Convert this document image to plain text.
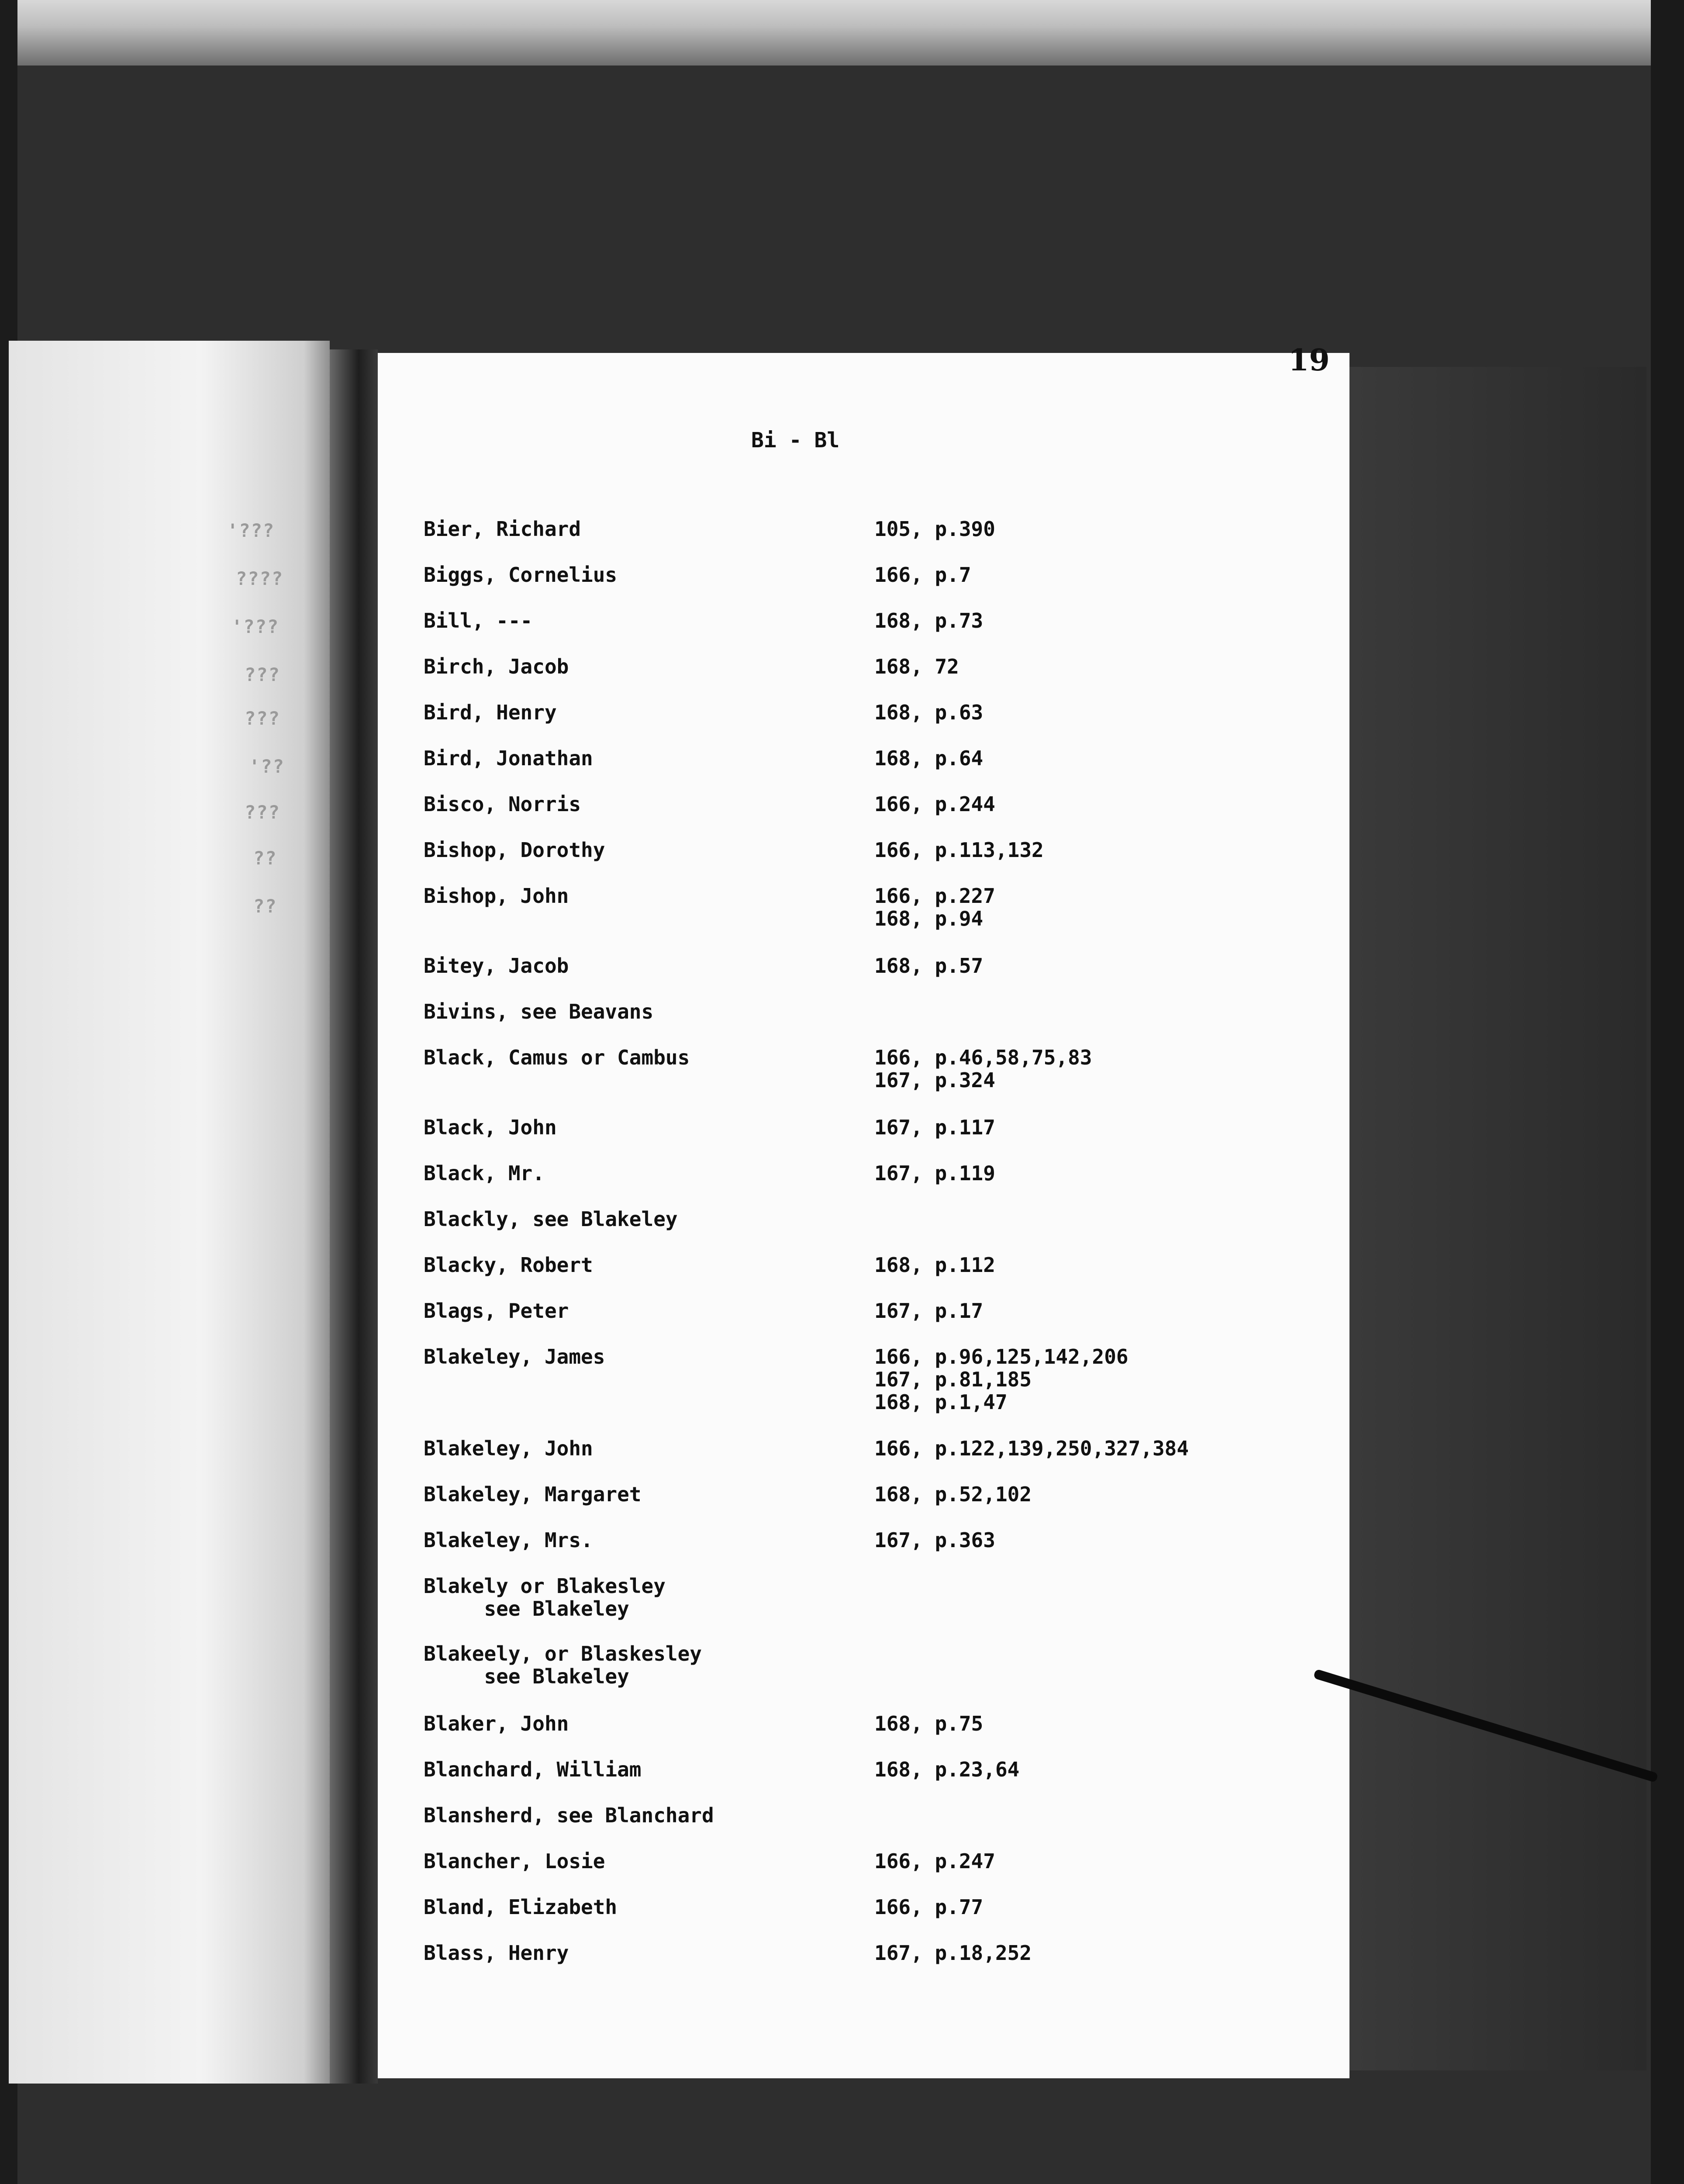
'???
????
'???
???
???
'??
???
??
??
19
Bi - Bl
Bier, Richard	105, p.390
Biggs, Cornelius	166, p.7
Bill, ---	168, p.73
Birch, Jacob	168, 72
Bird, Henry	168, p.63
Bird, Jonathan	168, p.64
Bisco, Norris	166, p.244
Bishop, Dorothy	166, p.113,132
Bishop, John	166, p.227
168, p.94
Bitey, Jacob	168, p.57
Bivins, see Beavans
Black, Camus or Cambus	166, p.46,58,75,83
167, p.324
Black, John	167, p.117
Black, Mr.	167, p.119
Blackly, see Blakeley
Blacky, Robert	168, p.112
Blags, Peter	167, p.17
Blakeley, James	166, p.96,125,142,206
167, p.81,185
168, p.1,47
Blakeley, John	166, p.122,139,250,327,384
Blakeley, Margaret	168, p.52,102
Blakeley, Mrs.	167, p.363
Blakely or Blakesley
see Blakeley
Blakeely, or Blaskesley
see Blakeley
Blaker, John	168, p.75
Blanchard, William	168, p.23,64
Blansherd, see Blanchard
Blancher, Losie	166, p.247
Bland, Elizabeth	166, p.77
Blass, Henry	167, p.18,252
